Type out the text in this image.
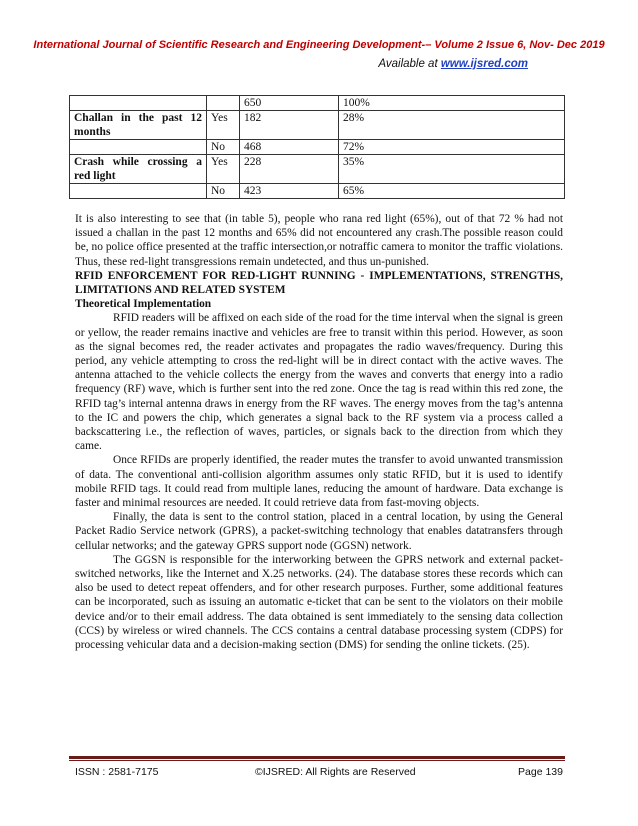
International Journal of Scientific Research and Engineering Development-– Volume 2 Issue 6, Nov- Dec 2019
Available at www.ijsred.com
		650	100%
Challan in the past 12 months	Yes	182	28%
	No	468	72%
Crash while crossing a red light	Yes	228	35%
	No	423	65%

It is also interesting to see that (in table 5), people who rana red light (65%), out of that 72 % had not issued a challan in the past 12 months and 65% did not encountered any crash.The possible reason could be, no police office presented at the traffic intersection,or notraffic camera to monitor the traffic violations. Thus, these red-light transgressions remain undetected, and thus un-punished.

RFID ENFORCEMENT FOR RED-LIGHT RUNNING - IMPLEMENTATIONS, STRENGTHS, LIMITATIONS AND RELATED SYSTEM

Theoretical Implementation

RFID readers will be affixed on each side of the road for the time interval when the signal is green or yellow, the reader remains inactive and vehicles are free to transit within this period. However, as soon as the signal becomes red, the reader activates and propagates the radio waves/frequency. During this period, any vehicle attempting to cross the red-light will be in direct contact with the active waves. The antenna attached to the vehicle collects the energy from the waves and converts that energy into a radio frequency (RF) wave, which is further sent into the red zone. Once the tag is read within this red zone, the RFID tag’s internal antenna draws in energy from the RF waves. The energy moves from the tag’s antenna to the IC and powers the chip, which generates a signal back to the RF system via a process called a backscattering i.e., the reflection of waves, particles, or signals back to the direction from which they came.

Once RFIDs are properly identified, the reader mutes the transfer to avoid unwanted transmission of data. The conventional anti-collision algorithm assumes only static RFID, but it is used to identify mobile RFID tags. It could read from multiple lanes, reducing the amount of hardware. Data exchange is faster and minimal resources are needed. It could retrieve data from fast-moving objects.

Finally, the data is sent to the control station, placed in a central location, by using the General Packet Radio Service network (GPRS), a packet-switching technology that enables datatransfers through cellular networks; and the gateway GPRS support node (GGSN) network.

The GGSN is responsible for the interworking between the GPRS network and external packet-switched networks, like the Internet and X.25 networks. (24). The database stores these records which can also be used to detect repeat offenders, and for other research purposes. Further, some additional features can be incorporated, such as issuing an automatic e-ticket that can be sent to the violators on their mobile device and/or to their email address. The data obtained is sent immediately to the sensing data collection (CCS) by wireless or wired channels. The CCS contains a central database processing system (CDPS) for processing vehicular data and a decision-making section (DMS) for sending the online tickets. (25).

ISSN : 2581-7175	©IJSRED: All Rights are Reserved	Page 139
